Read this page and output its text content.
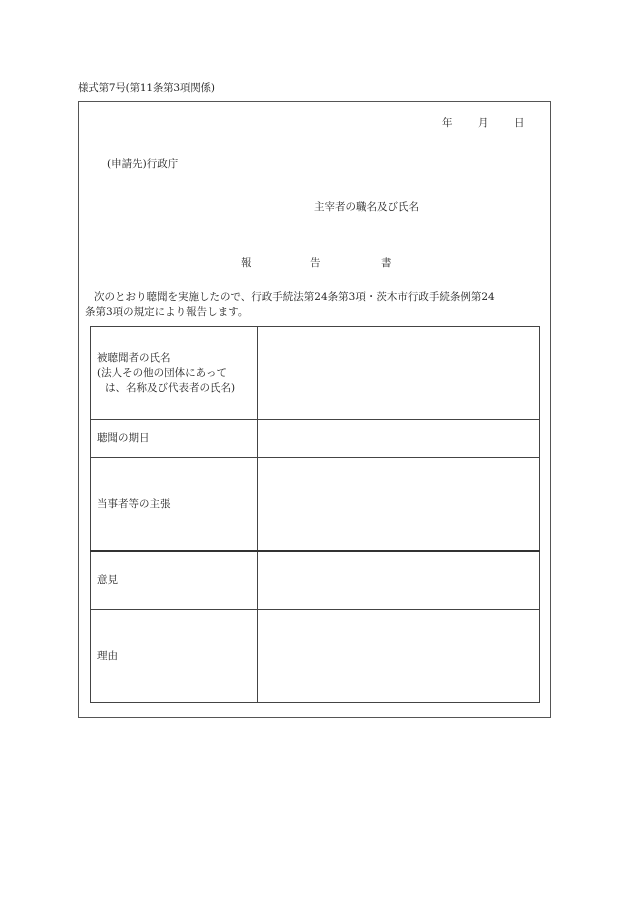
様式第7号(第11条第3項関係)
年 月 日
(申請先)行政庁
主宰者の職名及び氏名
報	告	書
次のとおり聴聞を実施したので、行政手続法第24条第3項・茨木市行政手続条例第24
条第3項の規定により報告します。
被聴聞者の氏名
(法人その他の団体にあって
は、名称及び代表者の氏名)	

聴聞の期日	
当事者等の主張	
意見	
理由	
